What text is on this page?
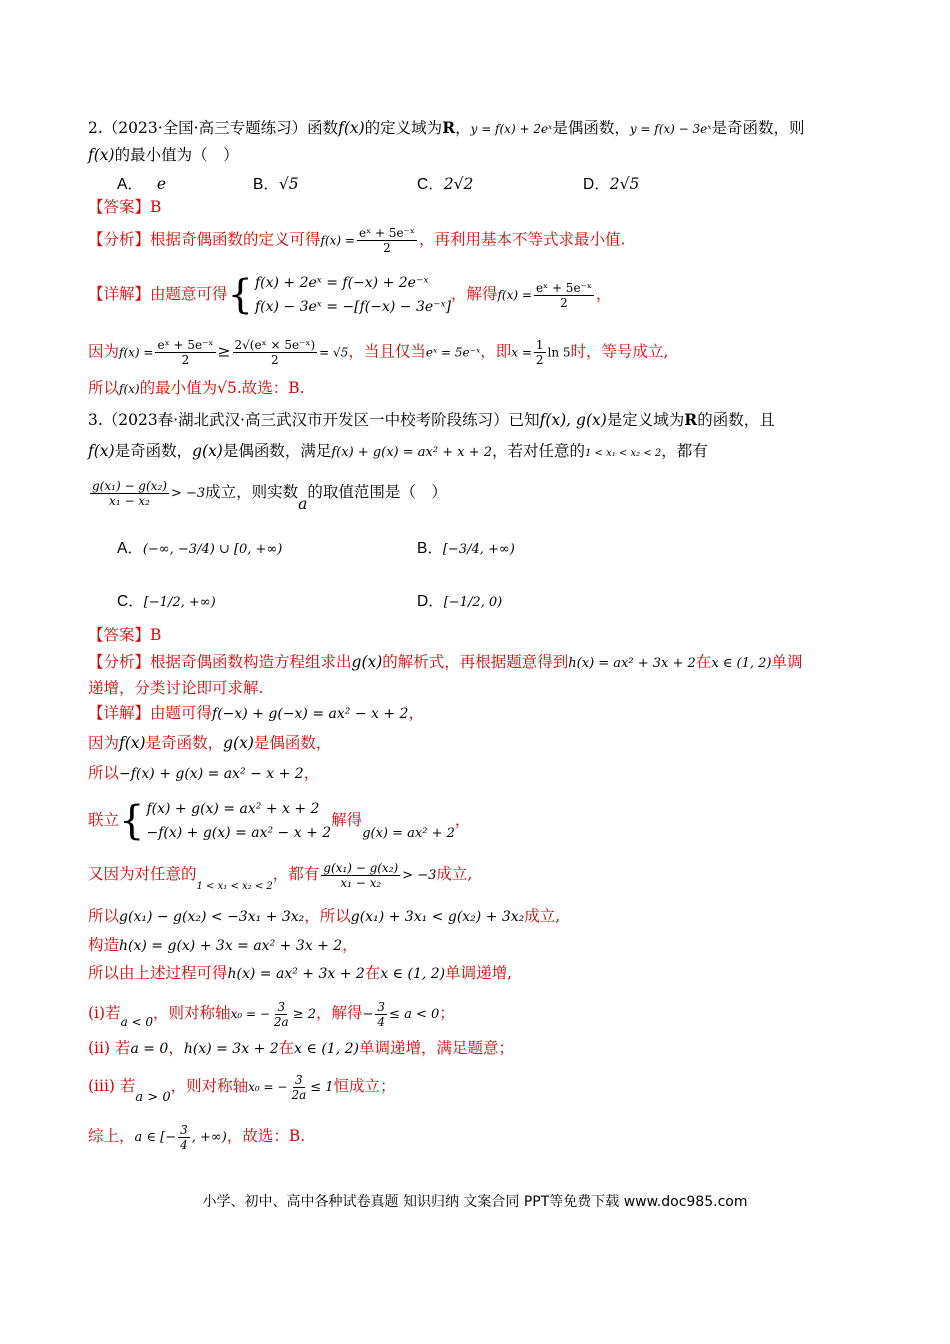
2.（2023·全国·高三专题练习）函数f(x)的定义域为R，y = f(x) + 2eˣ是偶函数，y = f(x) − 3eˣ是奇函数，则
f(x)的最小值为（　）
A． e	B．√5	C．2√2	D．2√5
【答案】B
【分析】根据奇偶函数的定义可得$f(x) = \frac{\text{eˣ + 5e⁻ˣ}}{2}$ ，再利用基本不等式求最小值.
【详解】由题意可得 { f(x) + 2eˣ = f(−x) + 2e⁻ˣ
f(x) − 3eˣ = −[f(−x) − 3e⁻ˣ]
，解得$f(x) = \frac{\text{eˣ + 5e⁻ˣ}}{2}$ ，
因为$f(x) = \frac{\text{eˣ + 5e⁻ˣ}}{2} \ge \frac{\text{2√(eˣ × 5e⁻ˣ)}}{2} = √5$，当且仅当eˣ = 5e⁻ˣ，即$x = \frac{1}{2}$ ln 5时，等号成立,
所以f(x)的最小值为√5.故选：B.
3.（2023春·湖北武汉·高三武汉市开发区一中校考阶段练习）已知f(x), g(x)是定义域为R的函数，且
f(x)是奇函数，g(x)是偶函数，满足f(x) + g(x) = ax² + x + 2，若对任意的1 < x₁ < x₂ < 2，都有
$\frac{\text{g(x₁) − g(x₂)}}{\text{x₁ − x₂}} > -3$成立，则实数a的取值范围是（　）
A．(−∞, −3/4) ∪ [0, +∞)	B．[−3/4, +∞)
C．[−1/2, +∞)	D．[−1/2, 0)
【答案】B
【分析】根据奇偶函数构造方程组求出g(x)的解析式，再根据题意得到h(x) = ax² + 3x + 2在x ∈ (1, 2)单调
递增，分类讨论即可求解.
【详解】由题可得f(−x) + g(−x) = ax² − x + 2，
因为f(x)是奇函数，g(x)是偶函数，
所以−f(x) + g(x) = ax² − x + 2，
联立 { f(x) + g(x) = ax² + x + 2
−f(x) + g(x) = ax² − x + 2
解得$_{g(x) = ax^2 + 2}$，
又因为对任意的$_{1 < x_1 < x_2 < 2}$，都有 $\frac{\text{g(x₁) − g(x₂)}}{\text{x₁ − x₂}} > -3$成立,
所以g(x₁) − g(x₂) < −3x₁ + 3x₂，所以g(x₁) + 3x₁ < g(x₂) + 3x₂成立,
构造h(x) = g(x) + 3x = ax² + 3x + 2，
所以由上述过程可得h(x) = ax² + 3x + 2在x ∈ (1, 2)单调递增,
(i)若$_{a < 0}$，则对称轴x₀ = − $\frac{3}{2a} \ge 2$，解得− $\frac{3}{4} \le a < 0$；
(ii) 若a = 0，h(x) = 3x + 2在x ∈ (1, 2)单调递增，满足题意；
(iii) 若$_{a > 0}$，则对称轴x₀ = − $\frac{3}{2a} \le 1$恒成立；
综上，a ∈ [− $\frac{3}{4}$ , +∞)，故选：B.
小学、初中、高中各种试卷真题 知识归纳 文案合同 PPT等免费下载 www.doc985.com
